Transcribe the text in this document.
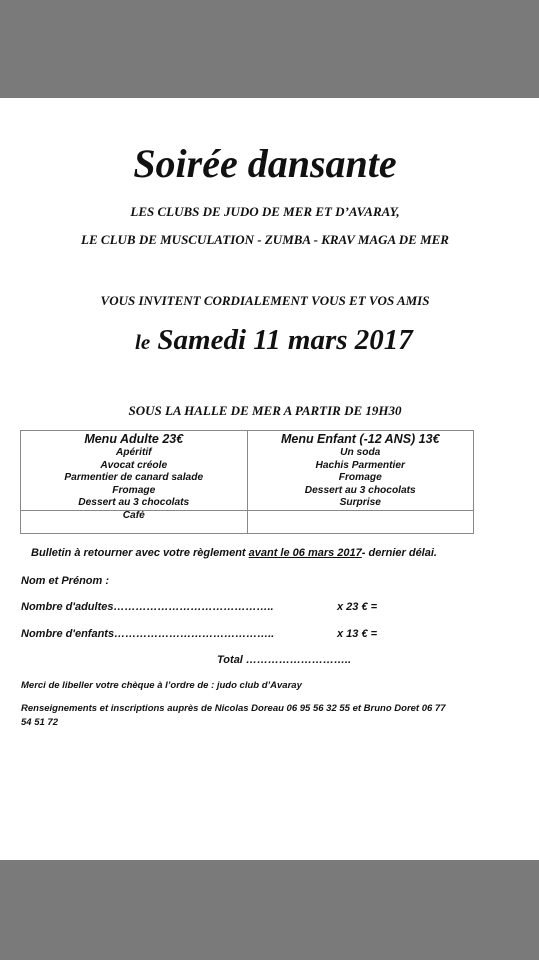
Soirée dansante
LES CLUBS DE JUDO DE MER ET D’AVARAY,
LE CLUB DE MUSCULATION - ZUMBA - KRAV MAGA DE MER
VOUS INVITENT CORDIALEMENT VOUS ET VOS AMIS
le Samedi 11 mars 2017
SOUS LA HALLE DE MER A PARTIR DE 19H30
Menu Adulte 23€
Apéritif
Avocat créole
Parmentier de canard salade
Fromage
Dessert au 3 chocolats
Café
Menu Enfant (-12 ANS) 13€
Un soda
Hachis Parmentier
Fromage
Dessert au 3 chocolats
Surprise
Bulletin à retourner avec votre règlement avant le 06 mars 2017- dernier délai.
Nom et Prénom :
Nombre d'adultes……………………………………..	x 23 € =
Nombre d'enfants……………………………………..	x 13 € =
Total ………………………..
Merci de libeller votre chèque à l’ordre de : judo club d’Avaray
Renseignements et inscriptions auprès de Nicolas Doreau 06 95 56 32 55 et Bruno Doret 06 77
54 51 72
